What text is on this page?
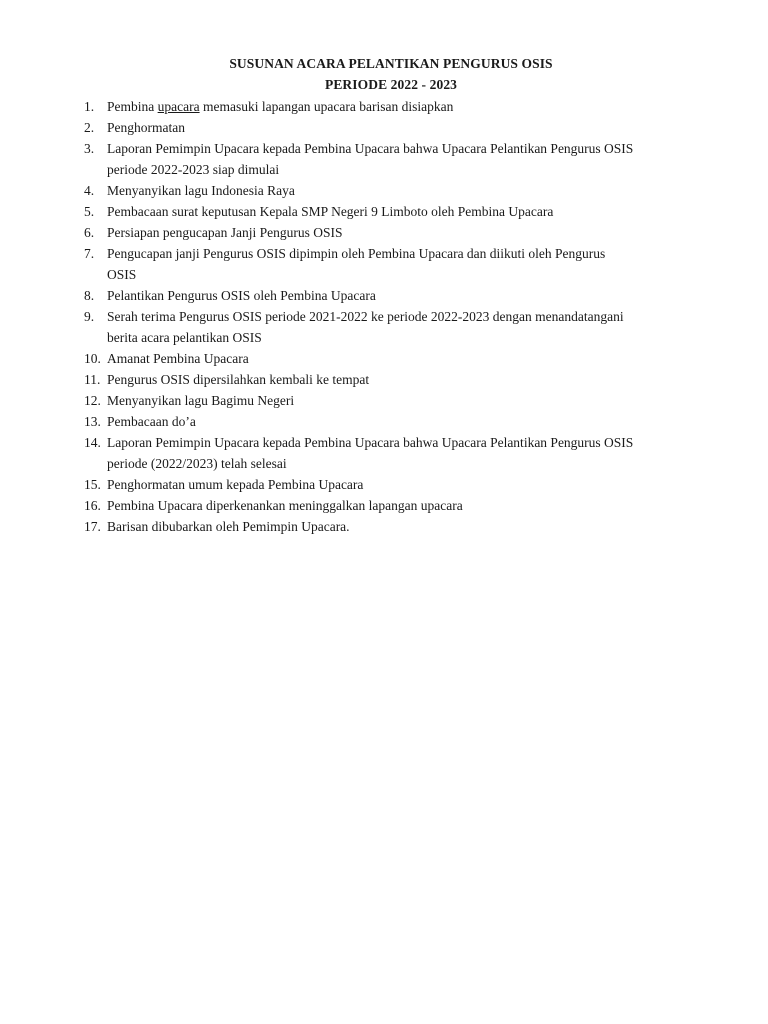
SUSUNAN ACARA PELANTIKAN PENGURUS OSIS
PERIODE 2022 - 2023
1. Pembina upacara memasuki lapangan upacara barisan disiapkan
2. Penghormatan
3. Laporan Pemimpin Upacara kepada Pembina Upacara bahwa Upacara Pelantikan Pengurus OSIS
periode 2022-2023 siap dimulai
4. Menyanyikan lagu Indonesia Raya
5. Pembacaan surat keputusan Kepala SMP Negeri 9 Limboto oleh Pembina Upacara
6. Persiapan pengucapan Janji Pengurus OSIS
7. Pengucapan janji Pengurus OSIS dipimpin oleh Pembina Upacara dan diikuti oleh Pengurus
OSIS
8. Pelantikan Pengurus OSIS oleh Pembina Upacara
9. Serah terima Pengurus OSIS periode 2021-2022 ke periode 2022-2023 dengan menandatangani
berita acara pelantikan OSIS
10. Amanat Pembina Upacara
11. Pengurus OSIS dipersilahkan kembali ke tempat
12. Menyanyikan lagu Bagimu Negeri
13. Pembacaan do’a
14. Laporan Pemimpin Upacara kepada Pembina Upacara bahwa Upacara Pelantikan Pengurus OSIS
periode (2022/2023) telah selesai
15. Penghormatan umum kepada Pembina Upacara
16. Pembina Upacara diperkenankan meninggalkan lapangan upacara
17. Barisan dibubarkan oleh Pemimpin Upacara.
